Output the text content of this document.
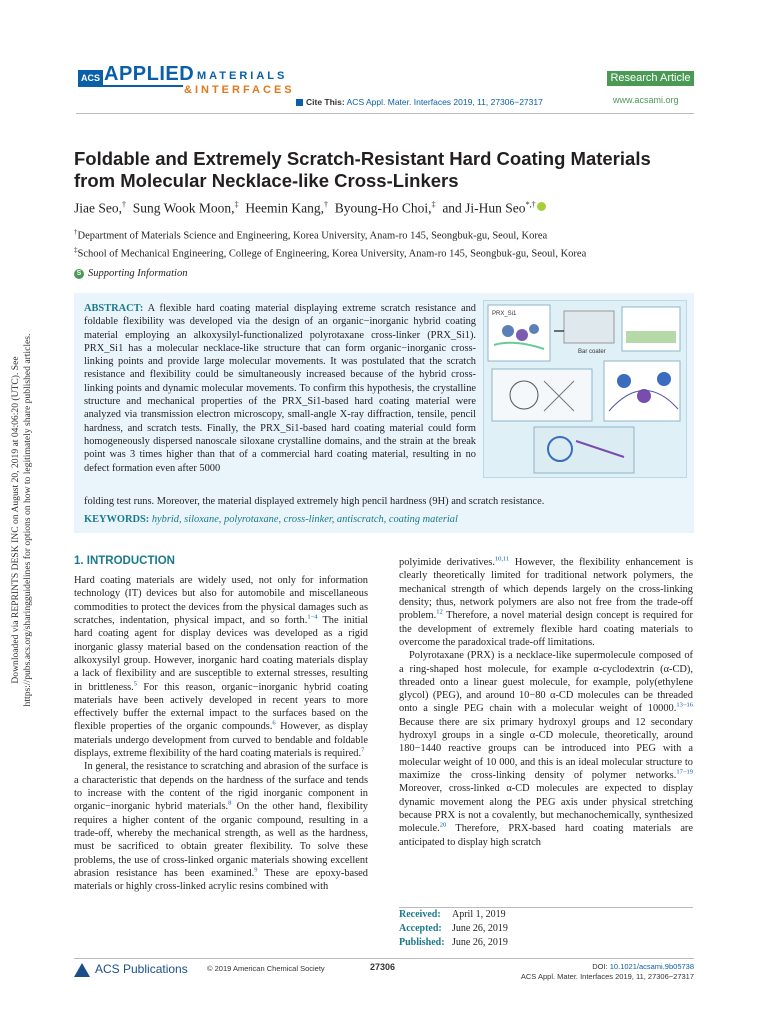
ACS APPLIED MATERIALS
&INTERFACES
Research Article
Cite This: ACS Appl. Mater. Interfaces 2019, 11, 27306−27317	www.acsami.org
Downloaded via REPRINTS DESK INC on August 20, 2019 at 04:06:20 (UTC). See https://pubs.acs.org/sharingguidelines for options on how to legitimately share published articles.
Foldable and Extremely Scratch-Resistant Hard Coating Materials from Molecular Necklace-like Cross-Linkers
Jiae Seo,† Sung Wook Moon,‡ Heemin Kang,† Byoung-Ho Choi,‡ and Ji-Hun Seo*,†
†Department of Materials Science and Engineering, Korea University, Anam-ro 145, Seongbuk-gu, Seoul, Korea
‡School of Mechanical Engineering, College of Engineering, Korea University, Anam-ro 145, Seongbuk-gu, Seoul, Korea
S Supporting Information
ABSTRACT: A flexible hard coating material displaying extreme scratch resistance and foldable flexibility was developed via the design of an organic−inorganic hybrid coating material employing an alkoxysilyl-functionalized polyrotaxane cross-linker (PRX_Si1). PRX_Si1 has a molecular necklace-like structure that can form organic−inorganic cross-linking points and provide large molecular movements. It was postulated that the scratch resistance and flexibility could be simultaneously increased because of the hybrid cross-linking points and dynamic molecular movements. To confirm this hypothesis, the crystalline structure and mechanical properties of the PRX_Si1-based hard coating material were analyzed via transmission electron microscopy, small-angle X-ray diffraction, tensile, pencil hardness, and scratch tests. Finally, the PRX_Si1-based hard coating material could form homogeneously dispersed nanoscale siloxane crystalline domains, and the strain at the break point was 3 times higher than that of a commercial hard coating material, resulting in no defect formation even after 5000
folding test runs. Moreover, the material displayed extremely high pencil hardness (9H) and scratch resistance.
PRX_Si1
Bar coater
KEYWORDS: hybrid, siloxane, polyrotaxane, cross-linker, antiscratch, coating material
1. INTRODUCTION

Hard coating materials are widely used, not only for information technology (IT) devices but also for automobile and miscellaneous commodities to protect the devices from the physical damages such as scratches, indentation, physical impact, and so forth.$^{1-4}$ The initial hard coating agent for display devices was developed as a rigid inorganic glassy material based on the condensation reaction of the alkoxysilyl group. However, inorganic hard coating materials display a lack of flexibility and are susceptible to external stresses, resulting in brittleness.$^5$ For this reason, organic−inorganic hybrid coating materials have been actively developed in recent years to more effectively buffer the external impact to the surfaces based on the flexible properties of the organic compounds.$^6$ However, as display materials undergo development from curved to bendable and foldable displays, extreme flexibility of the hard coating materials is required.$^7$

In general, the resistance to scratching and abrasion of the surface is a characteristic that depends on the hardness of the surface and tends to increase with the content of the rigid inorganic component in organic−inorganic hybrid materials.$^8$ On the other hand, flexibility requires a higher content of the organic compound, resulting in a trade-off, whereby the mechanical strength, as well as the hardness, must be sacrificed to obtain greater flexibility. To solve these problems, the use of cross-linked organic materials showing excellent abrasion resistance has been examined.$^9$ These are epoxy-based materials or highly cross-linked acrylic resins combined with

polyimide derivatives.$^{10,11}$ However, the flexibility enhancement is clearly theoretically limited for traditional network polymers, the mechanical strength of which depends largely on the cross-linking density; thus, network polymers are also not free from the trade-off problem.$^{12}$ Therefore, a novel material design concept is required for the development of extremely flexible hard coating materials to overcome the paradoxical trade-off limitations.

Polyrotaxane (PRX) is a necklace-like supermolecule composed of a ring-shaped host molecule, for example α-cyclodextrin (α-CD), threaded onto a linear guest molecule, for example, poly(ethylene glycol) (PEG), and around 10−80 α-CD molecules can be threaded onto a single PEG chain with a molecular weight of 10000.$^{13-16}$ Because there are six primary hydroxyl groups and 12 secondary hydroxyl groups in a single α-CD molecule, theoretically, around 180−1440 reactive groups can be introduced into PEG with a molecular weight of 10 000, and this is an ideal molecular structure to maximize the cross-linking density of polymer networks.$^{17-19}$ Moreover, cross-linked α-CD molecules are expected to display dynamic movement along the PEG axis under physical stretching because PRX is not a covalently, but mechanochemically, synthesized molecule.$^{20}$ Therefore, PRX-based hard coating materials are anticipated to display high scratch

Received: April 1, 2019
Accepted: June 26, 2019
Published: June 26, 2019
ACS Publications	© 2019 American Chemical Society	27306	DOI: 10.1021/acsami.9b05738
ACS Appl. Mater. Interfaces 2019, 11, 27306−27317
